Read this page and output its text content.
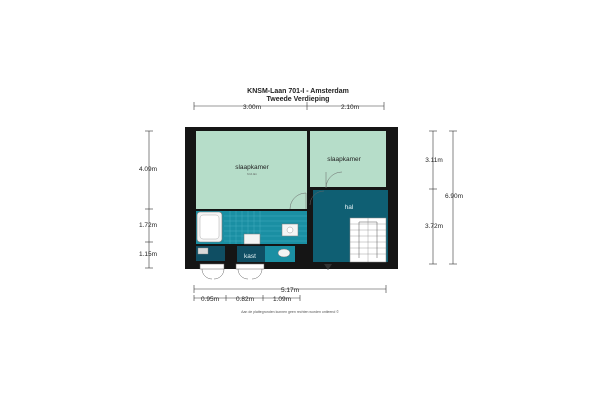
KNSM-Laan 701-I - Amsterdam
Tweede Verdieping
3.00m	2.10m
4.09m
1.72m
1.15m
3.11m
3.72m
6.90m
slaapkamer
h=2.4m
slaapkamer
hal
kast
5.17m
0.95m	0.82m	1.09m
Aan de plattegronden kunnen geen rechten worden ontleend ©
